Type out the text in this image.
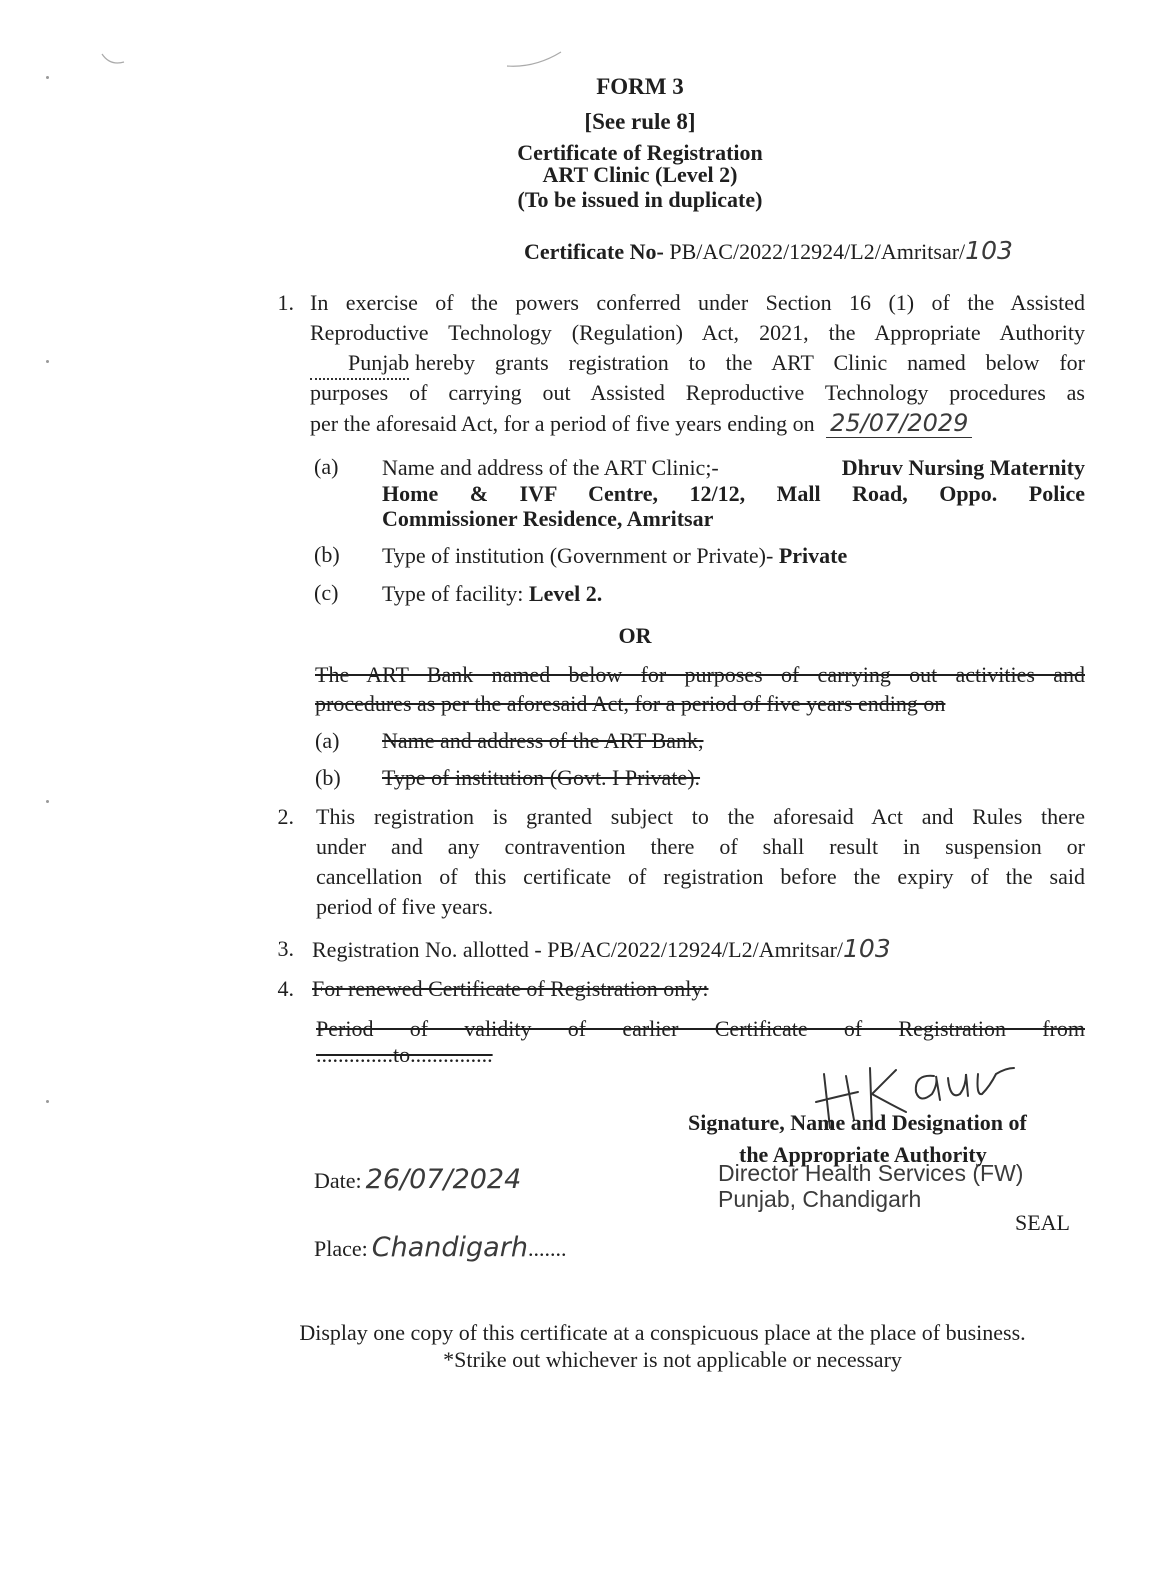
FORM 3
[See rule 8]
Certificate of Registration
ART Clinic (Level 2)
(To be issued in duplicate)
Certificate No- PB/AC/2022/12924/L2/Amritsar/103
1. In exercise of the powers conferred under Section 16 (1) of the Assisted
Reproductive Technology (Regulation) Act, 2021, the Appropriate Authority
Punjab hereby grants registration to the ART Clinic named below for
purposes of carrying out Assisted Reproductive Technology procedures as
per the aforesaid Act, for a period of five years ending on 25/07/2029
(a)	Name and address of the ART Clinic;-	Dhruv Nursing Maternity
Home & IVF Centre, 12/12, Mall Road, Oppo. Police
Commissioner Residence, Amritsar
(b)	Type of institution (Government or Private)- Private
(c)	Type of facility: Level 2.
OR
The ART Bank named below for purposes of carrying out activities and
procedures as per the aforesaid Act, for a period of five years ending on
(a) Name and address of the ART Bank,
(b) Type of institution (Govt. I Private).
2. This registration is granted subject to the aforesaid Act and Rules there
under and any contravention there of shall result in suspension or
cancellation of this certificate of registration before the expiry of the said
period of five years.
3. Registration No. allotted - PB/AC/2022/12924/L2/Amritsar/103
4. For renewed Certificate of Registration only:
Period of validity of earlier Certificate of Registration from
..............to...............
Signature, Name and Designation of
the Appropriate Authority
Director Health Services (FW)
Punjab, Chandigarh
SEAL
Date: 26/07/2024
Place: Chandigarh.......
Display one copy of this certificate at a conspicuous place at the place of business.
*Strike out whichever is not applicable or necessary
